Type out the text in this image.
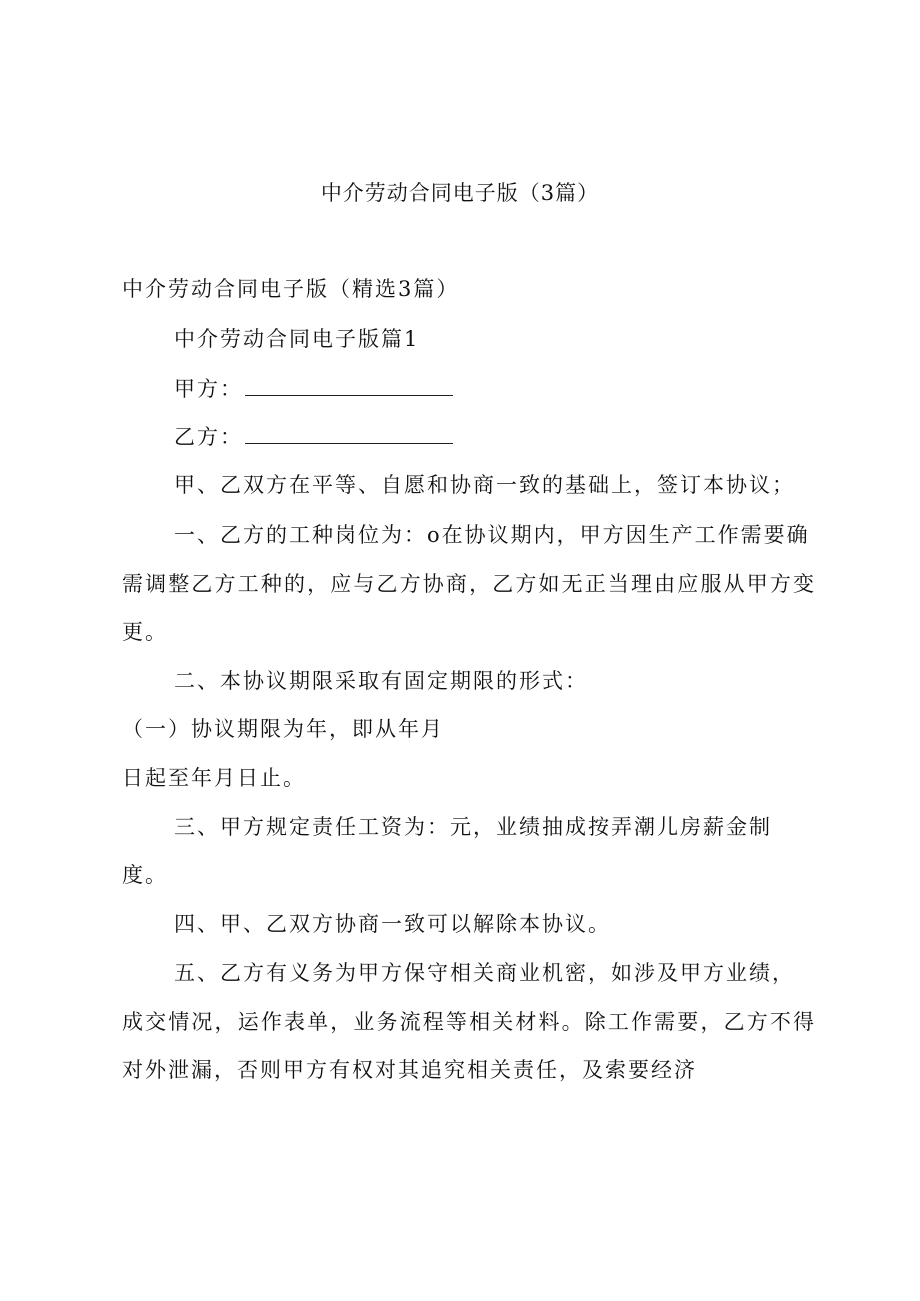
中介劳动合同电子版（3篇）
中介劳动合同电子版（精选3篇）
中介劳动合同电子版篇1
甲方：
乙方：
甲、乙双方在平等、自愿和协商一致的基础上，签订本协议；
一、乙方的工种岗位为：o在协议期内，甲方因生产工作需要确
需调整乙方工种的，应与乙方协商，乙方如无正当理由应服从甲方变
更。
二、本协议期限采取有固定期限的形式：
（一）协议期限为年，即从年月
日起至年月日止。
三、甲方规定责任工资为：元，业绩抽成按弄潮儿房薪金制
度。
四、甲、乙双方协商一致可以解除本协议。
五、乙方有义务为甲方保守相关商业机密，如涉及甲方业绩，
成交情况，运作表单，业务流程等相关材料。除工作需要，乙方不得
对外泄漏，否则甲方有权对其追究相关责任，及索要经济
